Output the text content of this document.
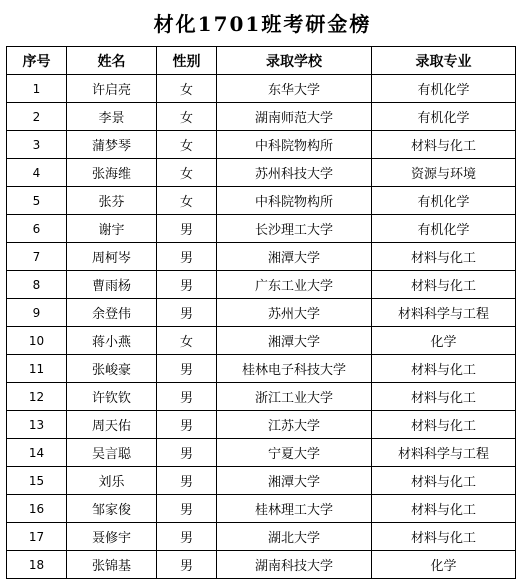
材化1701班考研金榜
序号	姓名	性别	录取学校	录取专业
1	许启亮	女	东华大学	有机化学
2	李景	女	湖南师范大学	有机化学
3	蒲梦琴	女	中科院物构所	材料与化工
4	张海维	女	苏州科技大学	资源与环境
5	张芬	女	中科院物构所	有机化学
6	谢宇	男	长沙理工大学	有机化学
7	周柯岑	男	湘潭大学	材料与化工
8	曹雨杨	男	广东工业大学	材料与化工
9	余登伟	男	苏州大学	材料科学与工程
10	蒋小燕	女	湘潭大学	化学
11	张峻豪	男	桂林电子科技大学	材料与化工
12	许钦钦	男	浙江工业大学	材料与化工
13	周天佑	男	江苏大学	材料与化工
14	吴言聪	男	宁夏大学	材料科学与工程
15	刘乐	男	湘潭大学	材料与化工
16	邹家俊	男	桂林理工大学	材料与化工
17	聂修宇	男	湖北大学	材料与化工
18	张锦基	男	湖南科技大学	化学
